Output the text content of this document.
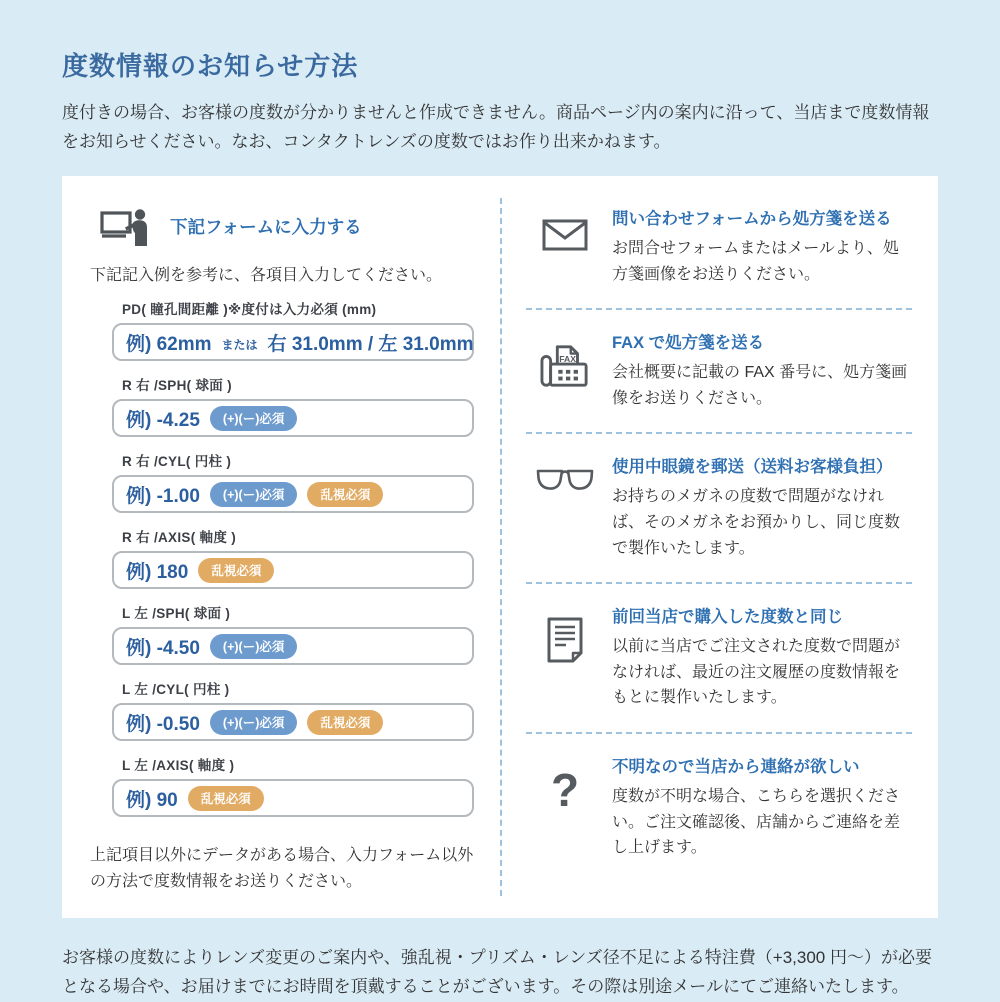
度数情報のお知らせ方法

度付きの場合、お客様の度数が分かりませんと作成できません。商品ページ内の案内に沿って、当店まで度数情報をお知らせください。なお、コンタクトレンズの度数ではお作り出来かねます。

下記フォームに入力する

下記記入例を参考に、各項目入力してください。

PD( 瞳孔間距離 )※度付は入力必須 (mm)
例) 62mm または 右 31.0mm / 左 31.0mm
R 右 /SPH( 球面 )
例) -4.25	(+)(ー)必須
R 右 /CYL( 円柱 )
例) -1.00	(+)(ー)必須	乱視必須
R 右 /AXIS( 軸度 )
例) 180	乱視必須
L 左 /SPH( 球面 )
例) -4.50	(+)(ー)必須
L 左 /CYL( 円柱 )
例) -0.50	(+)(ー)必須	乱視必須
L 左 /AXIS( 軸度 )
例) 90	乱視必須

上記項目以外にデータがある場合、入力フォーム以外の方法で度数情報をお送りください。

問い合わせフォームから処方箋を送る
お問合せフォームまたはメールより、処方箋画像をお送りください。
FAX
FAX で処方箋を送る
会社概要に記載の FAX 番号に、処方箋画像をお送りください。
使用中眼鏡を郵送（送料お客様負担）
お持ちのメガネの度数で問題がなければ、そのメガネをお預かりし、同じ度数で製作いたします。
前回当店で購入した度数と同じ
以前に当店でご注文された度数で問題がなければ、最近の注文履歴の度数情報をもとに製作いたします。
? 不明なので当店から連絡が欲しい
度数が不明な場合、こちらを選択ください。ご注文確認後、店舗からご連絡を差し上げます。

お客様の度数によりレンズ変更のご案内や、強乱視・プリズム・レンズ径不足による特注費（+3,300 円〜）が必要となる場合や、お届けまでにお時間を頂戴することがございます。その際は別途メールにてご連絡いたします。
